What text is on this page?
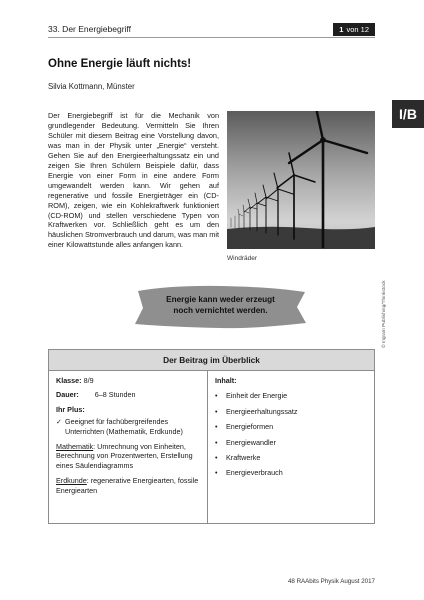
33. Der Energiebegriff	1 von 12
Ohne Energie läuft nichts!
Silvia Kottmann, Münster
I/B

Der Energiebegriff ist für die Mechanik von grundlegender Bedeutung. Vermitteln Sie Ihren Schüler mit diesem Beitrag eine Vorstellung davon, was man in der Physik unter „Energie“ versteht. Gehen Sie auf den Energieerhaltungssatz ein und zeigen Sie Ihren Schülern Beispiele dafür, dass Energie von einer Form in eine andere Form umgewandelt werden kann. Wir gehen auf regenerative und fossile Energieträger ein (CD-ROM), zeigen, wie ein Kohlekraftwerk funktioniert (CD-ROM) und stellen verschiedene Typen von Kraftwerken vor. Schließlich geht es um den häuslichen Stromverbrauch und darum, was man mit einer Kilowattstunde alles anfangen kann.

Windräder
© Ingram Publishing/Thinkstock
Energie kann weder erzeugt
noch vernichtet werden.
Der Beitrag im Überblick
Klasse: 8/9
Dauer: 6–8 Stunden
Ihr Plus:
✓ Geeignet für fachübergreifendes Unterrichten (Mathematik, Erdkunde)
Mathematik: Umrechnung von Einheiten, Berechnung von Prozentwerten, Erstellung eines Säulendiagramms
Erdkunde: regenerative Energiearten, fossile Energiearten
Inhalt:
•	Einheit der Energie
•	Energieerhaltungssatz
•	Energieformen
•	Energiewandler
•	Kraftwerke
•	Energieverbrauch
48 RAAbits Physik August 2017
